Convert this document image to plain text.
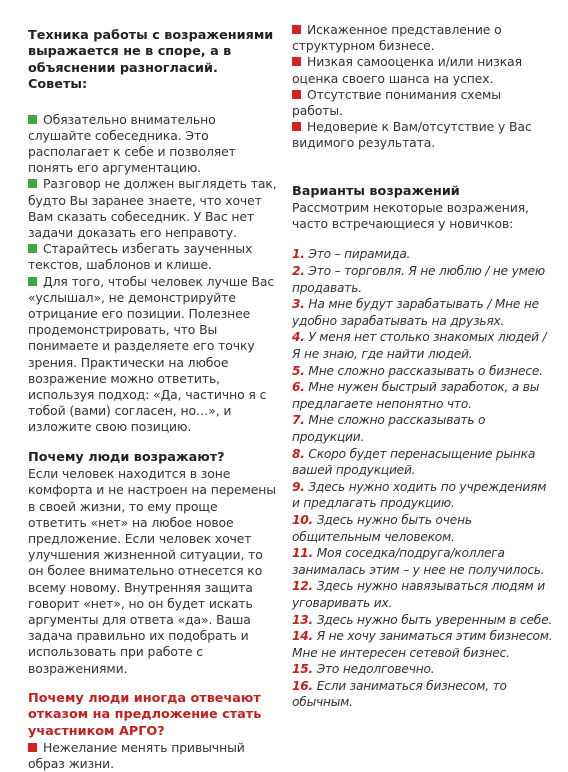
Техника работы с возражениями выражается не в споре, а в объяснении разногласий. Советы:

Обязательно внимательно слушайте собеседника. Это располагает к себе и позволяет понять его аргументацию.

Разговор не должен выглядеть так, будто Вы заранее знаете, что хочет Вам сказать собеседник. У Вас нет задачи доказать его неправоту.

Старайтесь избегать заученных текстов, шаблонов и клише.

Для того, чтобы человек лучше Вас «услышал», не демонстрируйте отрицание его позиции. Полезнее продемонстрировать, что Вы понимаете и разделяете его точку зрения. Практически на любое возражение можно ответить, используя подход: «Да, частично я с тобой (вами) согласен, но…», и изложите свою позицию.

Почему люди возражают?

Если человек находится в зоне комфорта и не настроен на перемены в своей жизни, то ему проще ответить «нет» на любое новое предложение. Если человек хочет улучшения жизненной ситуации, то он более внимательно отнесется ко всему новому. Внутренняя защита говорит «нет», но он будет искать аргументы для ответа «да». Ваша задача правильно их подобрать и использовать при работе с возражениями.

Почему люди иногда отвечают отказом на предложение стать участником АРГО?

Нежелание менять привычный образ жизни.

Искаженное представление о структурном бизнесе.

Низкая самооценка и/или низкая оценка своего шанса на успех.

Отсутствие понимания схемы работы.

Недоверие к Вам/отсутствие у Вас видимого результата.

Варианты возражений

Рассмотрим некоторые возражения, часто встречающиеся у новичков:

1. Это – пирамида.

2. Это – торговля. Я не люблю / не умею продавать.

3. На мне будут зарабатывать / Мне не удобно зарабатывать на друзьях.

4. У меня нет столько знакомых людей / Я не знаю, где найти людей.

5. Мне сложно рассказывать о бизнесе.

6. Мне нужен быстрый заработок, а вы предлагаете непонятно что.

7. Мне сложно рассказывать о продукции.

8. Скоро будет перенасыщение рынка вашей продукцией.

9. Здесь нужно ходить по учреждениям и предлагать продукцию.

10. Здесь нужно быть очень общительным человеком.

11. Моя соседка/подруга/коллега занималась этим – у нее не получилось.

12. Здесь нужно навязываться людям и уговаривать их.

13. Здесь нужно быть уверенным в себе.

14. Я не хочу заниматься этим бизнесом. Мне не интересен сетевой бизнес.

15. Это недолговечно.

16. Если заниматься бизнесом, то обычным.
